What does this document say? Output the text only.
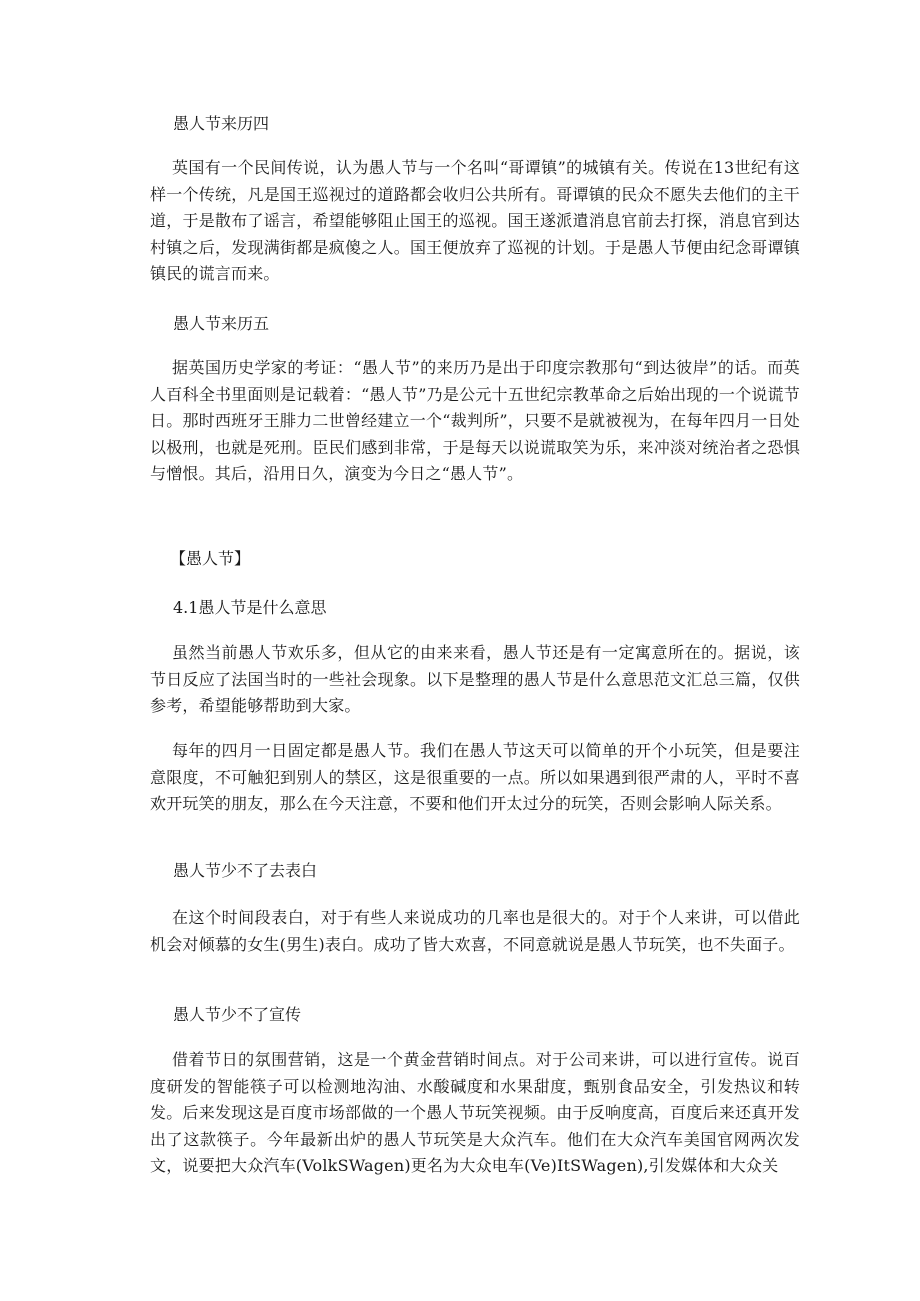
愚人节来历四
英国有一个民间传说，认为愚人节与一个名叫“哥谭镇”的城镇有关。传说在13世纪有这样一个传统，凡是国王巡视过的道路都会收归公共所有。哥谭镇的民众不愿失去他们的主干道，于是散布了谣言，希望能够阻止国王的巡视。国王遂派遣消息官前去打探，消息官到达村镇之后，发现满街都是疯傻之人。国王便放弃了巡视的计划。于是愚人节便由纪念哥谭镇镇民的谎言而来。
愚人节来历五
据英国历史学家的考证：“愚人节”的来历乃是出于印度宗教那句“到达彼岸”的话。而英人百科全书里面则是记载着：“愚人节”乃是公元十五世纪宗教革命之后始出现的一个说谎节日。那时西班牙王腓力二世曾经建立一个“裁判所”，只要不是就被视为，在每年四月一日处以极刑，也就是死刑。臣民们感到非常，于是每天以说谎取笑为乐，来冲淡对统治者之恐惧与憎恨。其后，沿用日久，演变为今日之“愚人节”。
【愚人节】
4.1愚人节是什么意思
虽然当前愚人节欢乐多，但从它的由来来看，愚人节还是有一定寓意所在的。据说，该节日反应了法国当时的一些社会现象。以下是整理的愚人节是什么意思范文汇总三篇，仅供参考，希望能够帮助到大家。
每年的四月一日固定都是愚人节。我们在愚人节这天可以简单的开个小玩笑，但是要注意限度，不可触犯到别人的禁区，这是很重要的一点。所以如果遇到很严肃的人，平时不喜欢开玩笑的朋友，那么在今天注意，不要和他们开太过分的玩笑，否则会影响人际关系。
愚人节少不了去表白
在这个时间段表白，对于有些人来说成功的几率也是很大的。对于个人来讲，可以借此机会对倾慕的女生(男生)表白。成功了皆大欢喜，不同意就说是愚人节玩笑，也不失面子。
愚人节少不了宣传
借着节日的氛围营销，这是一个黄金营销时间点。对于公司来讲，可以进行宣传。说百度研发的智能筷子可以检测地沟油、水酸碱度和水果甜度，甄别食品安全，引发热议和转发。后来发现这是百度市场部做的一个愚人节玩笑视频。由于反响度高，百度后来还真开发出了这款筷子。今年最新出炉的愚人节玩笑是大众汽车。他们在大众汽车美国官网两次发文，说要把大众汽车(VolkSWagen)更名为大众电车(Ve)ItSWagen),引发媒体和大众关
